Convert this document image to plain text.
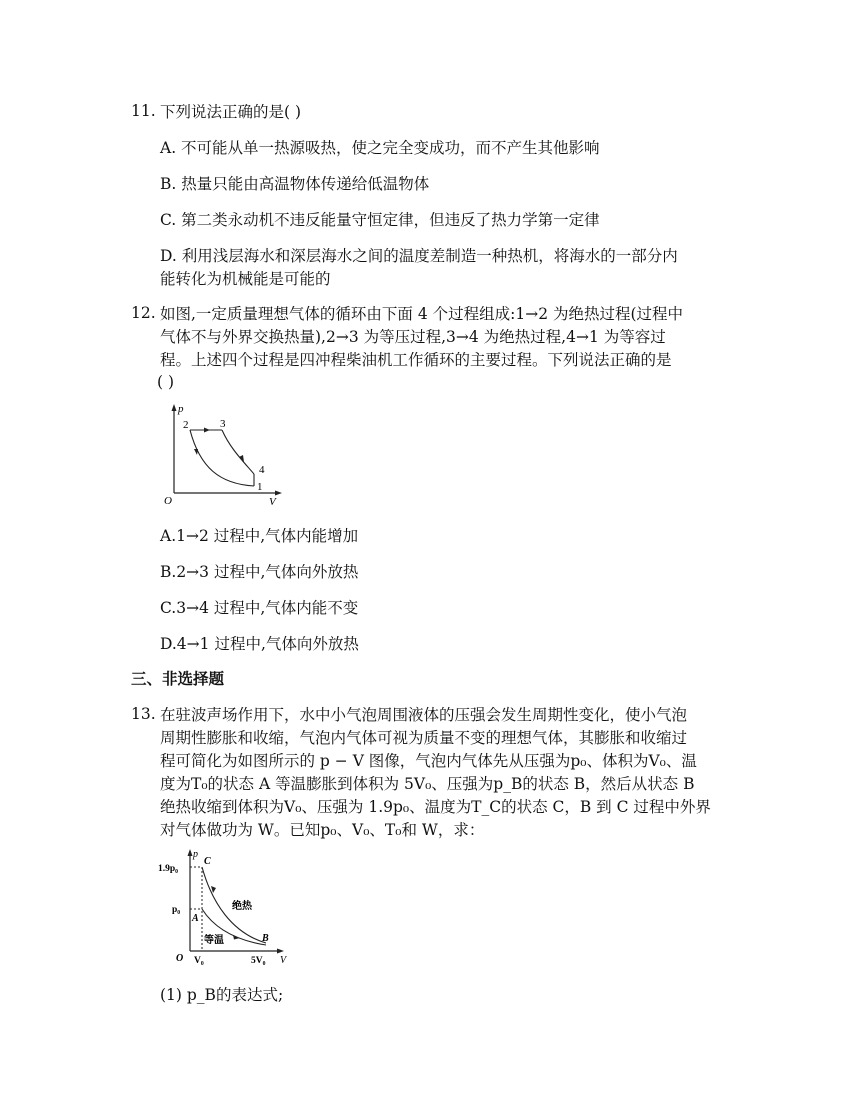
11. 下列说法正确的是( )
A. 不可能从单一热源吸热，使之完全变成功，而不产生其他影响
B. 热量只能由高温物体传递给低温物体
C. 第二类永动机不违反能量守恒定律，但违反了热力学第一定律
D. 利用浅层海水和深层海水之间的温度差制造一种热机，将海水的一部分内
能转化为机械能是可能的
12. 如图,一定质量理想气体的循环由下面 4 个过程组成:1→2 为绝热过程(过程中
气体不与外界交换热量),2→3 为等压过程,3→4 为绝热过程,4→1 为等容过
程。上述四个过程是四冲程柴油机工作循环的主要过程。下列说法正确的是
( )
p
V
O
2	3
4
1
A.1→2 过程中,气体内能增加
B.2→3 过程中,气体向外放热
C.3→4 过程中,气体内能不变
D.4→1 过程中,气体向外放热
三、非选择题
13. 在驻波声场作用下，水中小气泡周围液体的压强会发生周期性变化，使小气泡
周期性膨胀和收缩，气泡内气体可视为质量不变的理想气体，其膨胀和收缩过
程可简化为如图所示的 p − V 图像，气泡内气体先从压强为p₀、体积为V₀、温
度为T₀的状态 A 等温膨胀到体积为 5V₀、压强为p_B的状态 B，然后从状态 B
绝热收缩到体积为V₀、压强为 1.9p₀、温度为T_C的状态 C，B 到 C 过程中外界
对气体做功为 W。已知p₀、V₀、T₀和 W，求：
p
V
O
1.9p₀
p₀
V₀	5V₀
C
A
B
绝热
等温
(1) p_B的表达式;
